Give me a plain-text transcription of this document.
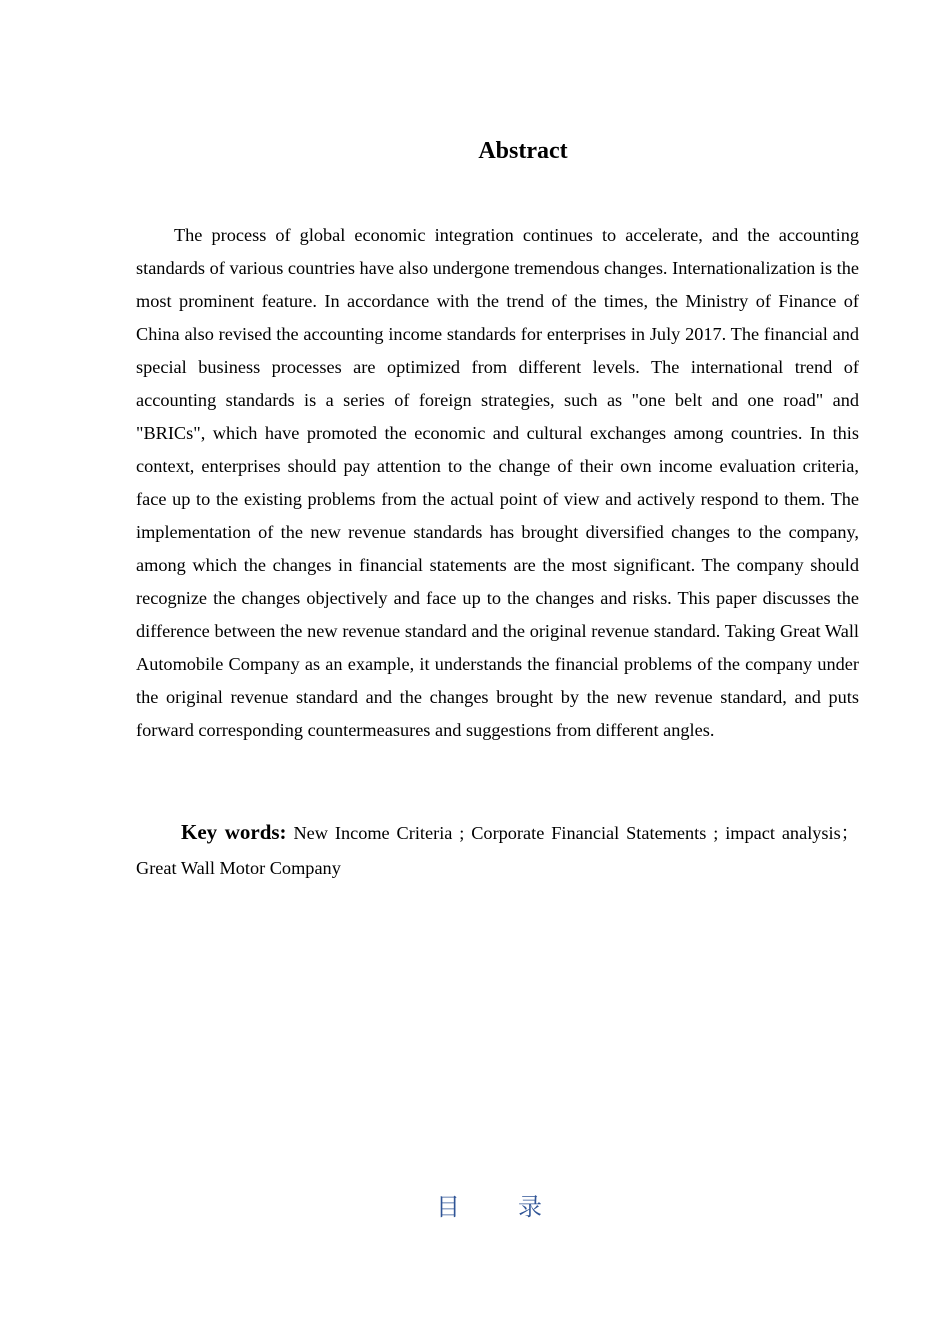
Abstract

The process of global economic integration continues to accelerate, and the accounting standards of various countries have also undergone tremendous changes. Internationalization is the most prominent feature. In accordance with the trend of the times, the Ministry of Finance of China also revised the accounting income standards for enterprises in July 2017. The financial and special business processes are optimized from different levels. The international trend of accounting standards is a series of foreign strategies, such as "one belt and one road" and "BRICs", which have promoted the economic and cultural exchanges among countries. In this context, enterprises should pay attention to the change of their own income evaluation criteria, face up to the existing problems from the actual point of view and actively respond to them. The implementation of the new revenue standards has brought diversified changes to the company, among which the changes in financial statements are the most significant. The company should recognize the changes objectively and face up to the changes and risks. This paper discusses the difference between the new revenue standard and the original revenue standard. Taking Great Wall Automobile Company as an example, it understands the financial problems of the company under the original revenue standard and the changes brought by the new revenue standard, and puts forward corresponding countermeasures and suggestions from different angles.

Key words: New Income Criteria ; Corporate Financial Statements ; impact analysis；Great Wall Motor Company

目录
